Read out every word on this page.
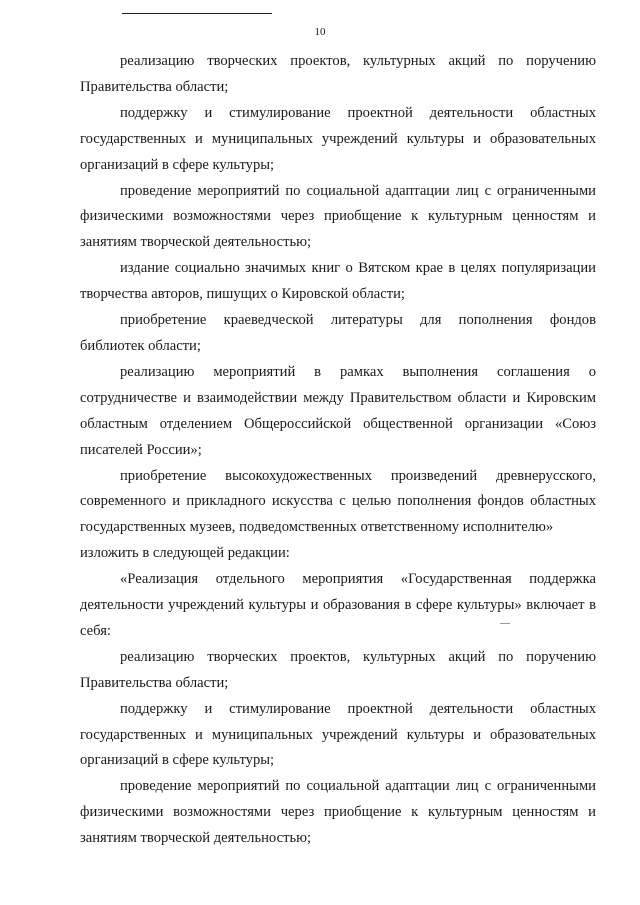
10

реализацию творческих проектов, культурных акций по поручению Правительства области;

поддержку и стимулирование проектной деятельности областных государственных и муниципальных учреждений культуры и образовательных организаций в сфере культуры;

проведение мероприятий по социальной адаптации лиц с ограниченными физическими возможностями через приобщение к культурным ценностям и занятиям творческой деятельностью;

издание социально значимых книг о Вятском крае в целях популяризации творчества авторов, пишущих о Кировской области;

приобретение краеведческой литературы для пополнения фондов библиотек области;

реализацию мероприятий в рамках выполнения соглашения о сотрудничестве и взаимодействии между Правительством области и Кировским областным отделением Общероссийской общественной организации «Союз писателей России»;

приобретение высокохудожественных произведений древнерусского, современного и прикладного искусства с целью пополнения фондов областных государственных музеев, подведомственных ответственному исполнителю»

изложить в следующей редакции:

«Реализация отдельного мероприятия «Государственная поддержка деятельности учреждений культуры и образования в сфере культуры» включает в себя:

реализацию творческих проектов, культурных акций по поручению Правительства области;

поддержку и стимулирование проектной деятельности областных государственных и муниципальных учреждений культуры и образовательных организаций в сфере культуры;

проведение мероприятий по социальной адаптации лиц с ограниченными физическими возможностями через приобщение к культурным ценностям и занятиям творческой деятельностью;
